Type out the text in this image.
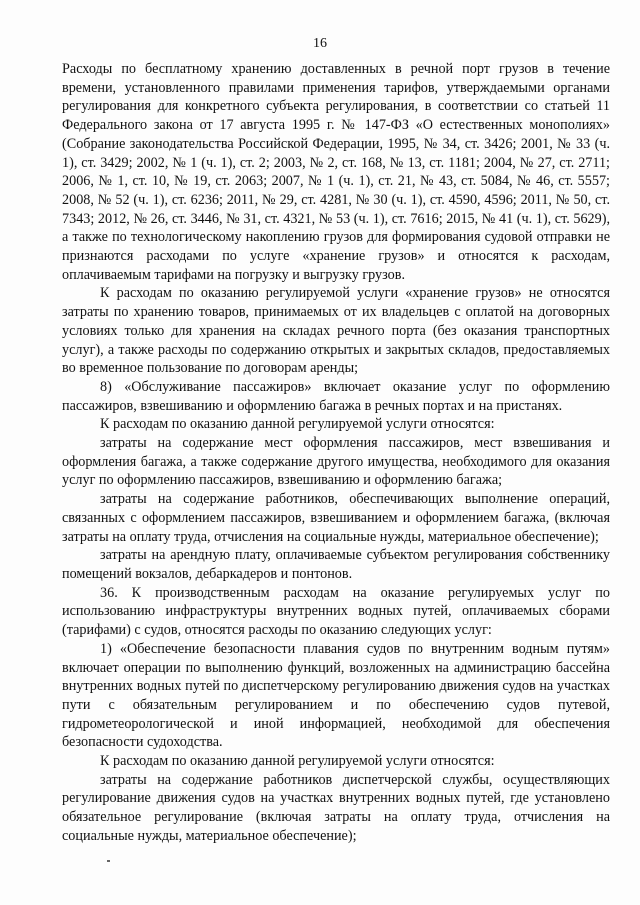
16

Расходы по бесплатному хранению доставленных в речной порт грузов в течение времени, установленного правилами применения тарифов, утверждаемыми органами регулирования для конкретного субъекта регулирования, в соответствии со статьей 11 Федерального закона от 17 августа 1995 г. № 147-ФЗ «О естественных монополиях» (Собрание законодательства Российской Федерации, 1995, № 34, ст. 3426; 2001, № 33 (ч. 1), ст. 3429; 2002, № 1 (ч. 1), ст. 2; 2003, № 2, ст. 168, № 13, ст. 1181; 2004, № 27, ст. 2711; 2006, № 1, ст. 10, № 19, ст. 2063; 2007, № 1 (ч. 1), ст. 21, № 43, ст. 5084, № 46, ст. 5557; 2008, № 52 (ч. 1), ст. 6236; 2011, № 29, ст. 4281, № 30 (ч. 1), ст. 4590, 4596; 2011, № 50, ст. 7343; 2012, № 26, ст. 3446, № 31, ст. 4321, № 53 (ч. 1), ст. 7616; 2015, № 41 (ч. 1), ст. 5629), а также по технологическому накоплению грузов для формирования судовой отправки не признаются расходами по услуге «хранение грузов» и относятся к расходам, оплачиваемым тарифами на погрузку и выгрузку грузов.

К расходам по оказанию регулируемой услуги «хранение грузов» не относятся затраты по хранению товаров, принимаемых от их владельцев с оплатой на договорных условиях только для хранения на складах речного порта (без оказания транспортных услуг), а также расходы по содержанию открытых и закрытых складов, предоставляемых во временное пользование по договорам аренды;

8) «Обслуживание пассажиров» включает оказание услуг по оформлению пассажиров, взвешиванию и оформлению багажа в речных портах и на пристанях.

К расходам по оказанию данной регулируемой услуги относятся:

затраты на содержание мест оформления пассажиров, мест взвешивания и оформления багажа, а также содержание другого имущества, необходимого для оказания услуг по оформлению пассажиров, взвешиванию и оформлению багажа;

затраты на содержание работников, обеспечивающих выполнение операций, связанных с оформлением пассажиров, взвешиванием и оформлением багажа, (включая затраты на оплату труда, отчисления на социальные нужды, материальное обеспечение);

затраты на арендную плату, оплачиваемые субъектом регулирования собственнику помещений вокзалов, дебаркадеров и понтонов.

36. К производственным расходам на оказание регулируемых услуг по использованию инфраструктуры внутренних водных путей, оплачиваемых сборами (тарифами) с судов, относятся расходы по оказанию следующих услуг:

1) «Обеспечение безопасности плавания судов по внутренним водным путям» включает операции по выполнению функций, возложенных на администрацию бассейна внутренних водных путей по диспетчерскому регулированию движения судов на участках пути с обязательным регулированием и по обеспечению судов путевой, гидрометеорологической и иной информацией, необходимой для обеспечения безопасности судоходства.

К расходам по оказанию данной регулируемой услуги относятся:

затраты на содержание работников диспетчерской службы, осуществляющих регулирование движения судов на участках внутренних водных путей, где установлено обязательное регулирование (включая затраты на оплату труда, отчисления на социальные нужды, материальное обеспечение);
